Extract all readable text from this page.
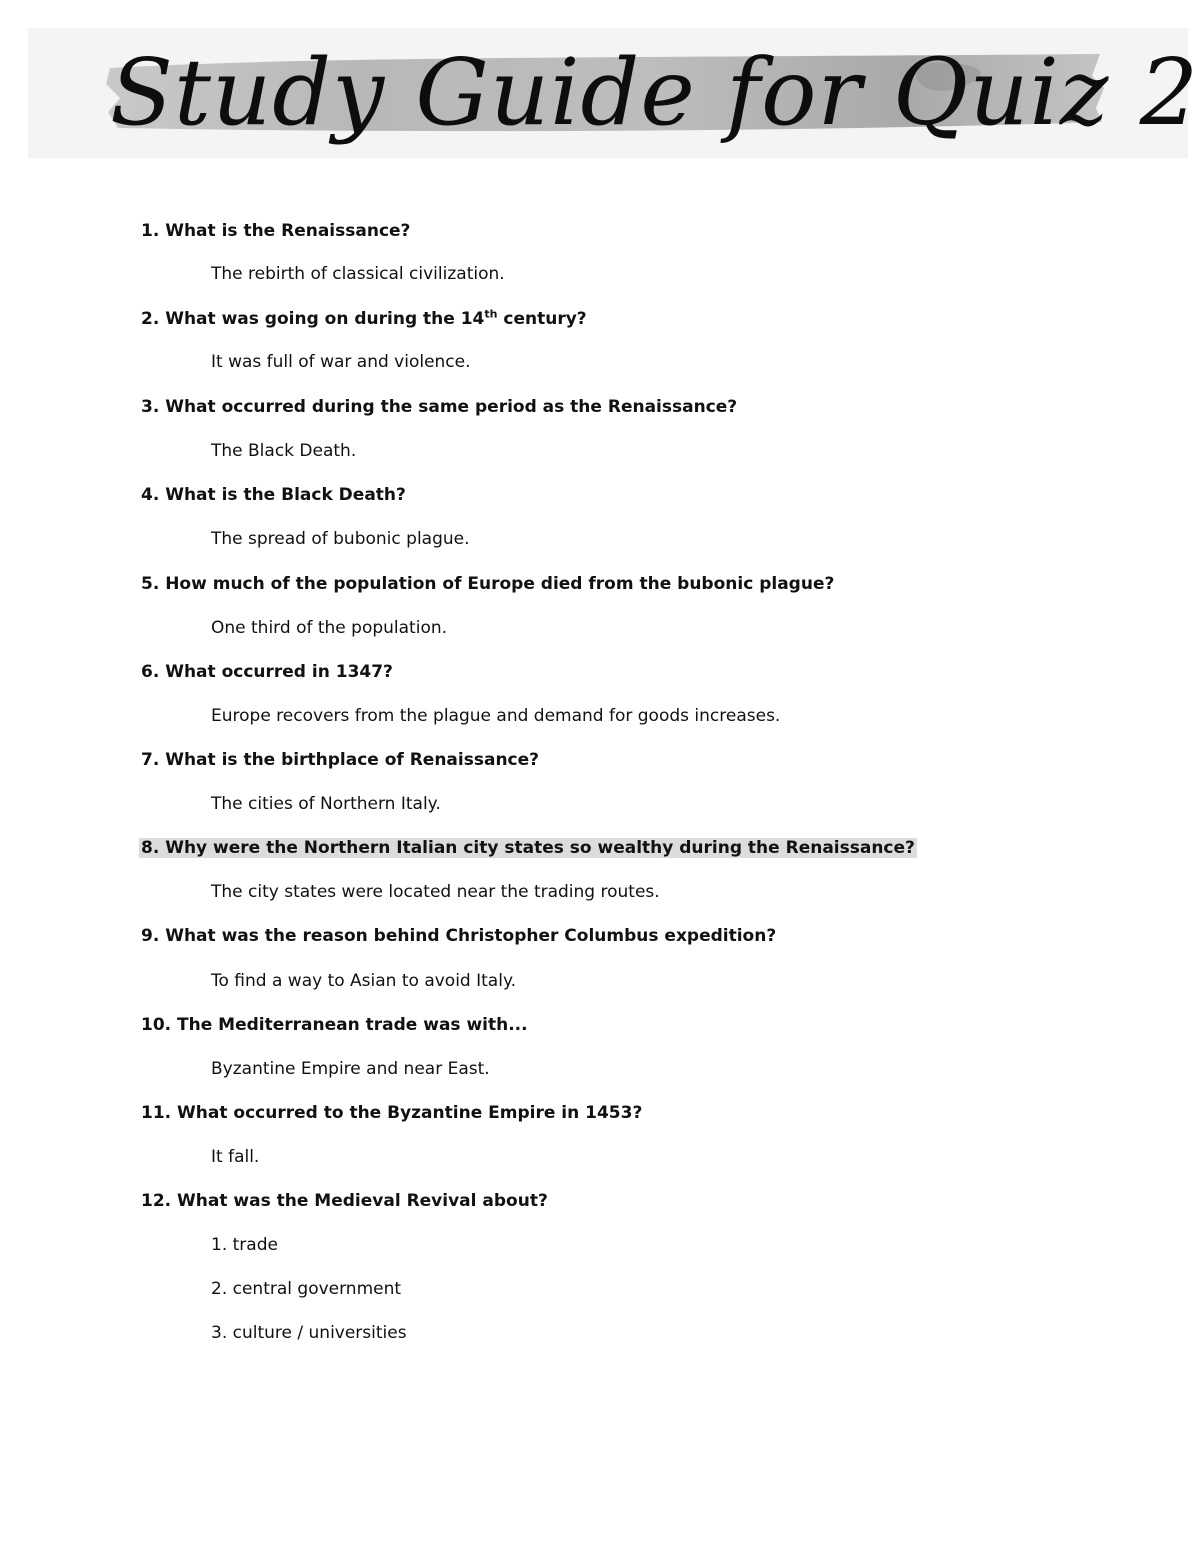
Study Guide for Quiz 2
1. What is the Renaissance?
The rebirth of classical civilization.
2. What was going on during the 14th century?
It was full of war and violence.
3. What occurred during the same period as the Renaissance?
The Black Death.
4. What is the Black Death?
The spread of bubonic plague.
5. How much of the population of Europe died from the bubonic plague?
One third of the population.
6. What occurred in 1347?
Europe recovers from the plague and demand for goods increases.
7. What is the birthplace of Renaissance?
The cities of Northern Italy.
8. Why were the Northern Italian city states so wealthy during the Renaissance?
The city states were located near the trading routes.
9. What was the reason behind Christopher Columbus expedition?
To find a way to Asian to avoid Italy.
10. The Mediterranean trade was with...
Byzantine Empire and near East.
11. What occurred to the Byzantine Empire in 1453?
It fall.
12. What was the Medieval Revival about?
1. trade
2. central government
3. culture / universities
